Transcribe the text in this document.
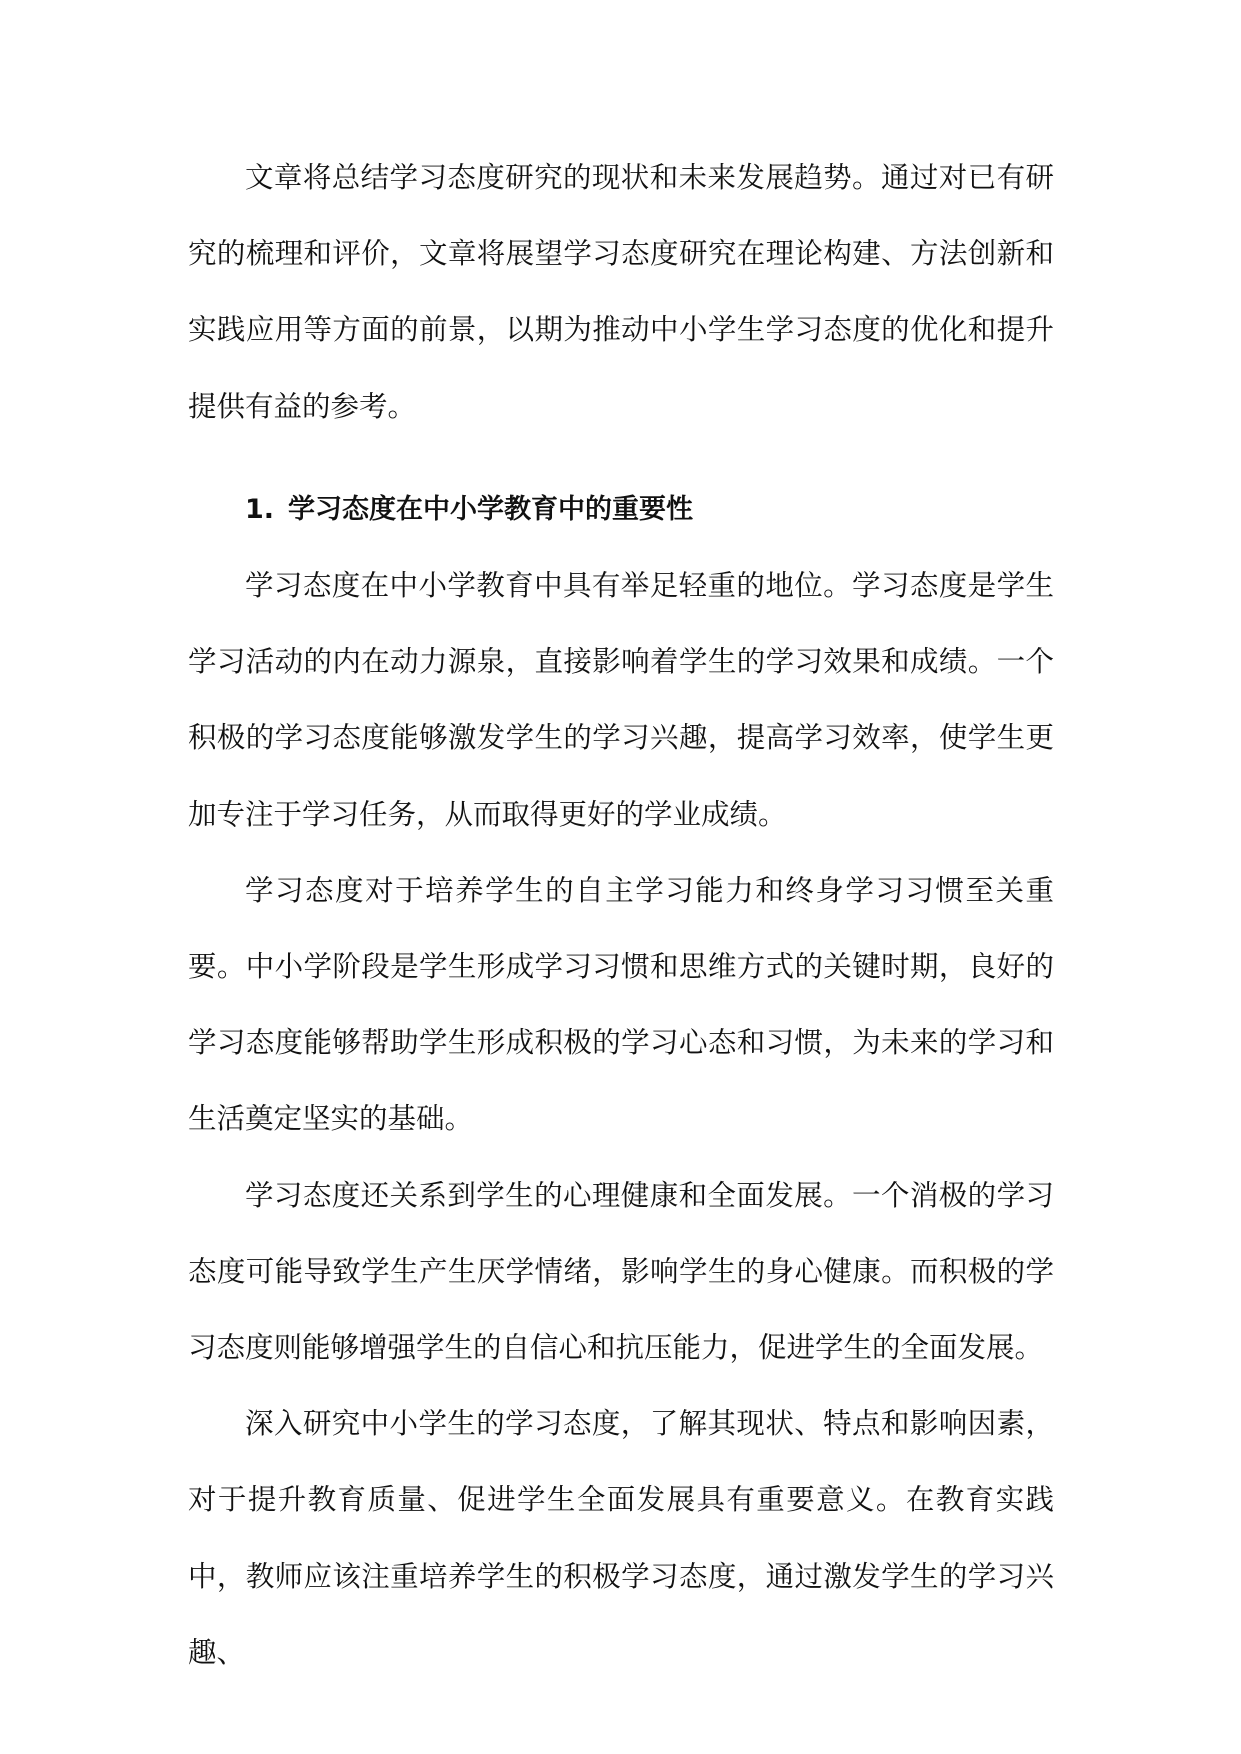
文章将总结学习态度研究的现状和未来发展趋势。通过对已有研究的梳理和评价，文章将展望学习态度研究在理论构建、方法创新和实践应用等方面的前景，以期为推动中小学生学习态度的优化和提升提供有益的参考。

1. 学习态度在中小学教育中的重要性

学习态度在中小学教育中具有举足轻重的地位。学习态度是学生学习活动的内在动力源泉，直接影响着学生的学习效果和成绩。一个积极的学习态度能够激发学生的学习兴趣，提高学习效率，使学生更加专注于学习任务，从而取得更好的学业成绩。

学习态度对于培养学生的自主学习能力和终身学习习惯至关重要。中小学阶段是学生形成学习习惯和思维方式的关键时期，良好的学习态度能够帮助学生形成积极的学习心态和习惯，为未来的学习和生活奠定坚实的基础。

学习态度还关系到学生的心理健康和全面发展。一个消极的学习态度可能导致学生产生厌学情绪，影响学生的身心健康。而积极的学习态度则能够增强学生的自信心和抗压能力，促进学生的全面发展。

深入研究中小学生的学习态度，了解其现状、特点和影响因素，对于提升教育质量、促进学生全面发展具有重要意义。在教育实践中，教师应该注重培养学生的积极学习态度，通过激发学生的学习兴趣、
